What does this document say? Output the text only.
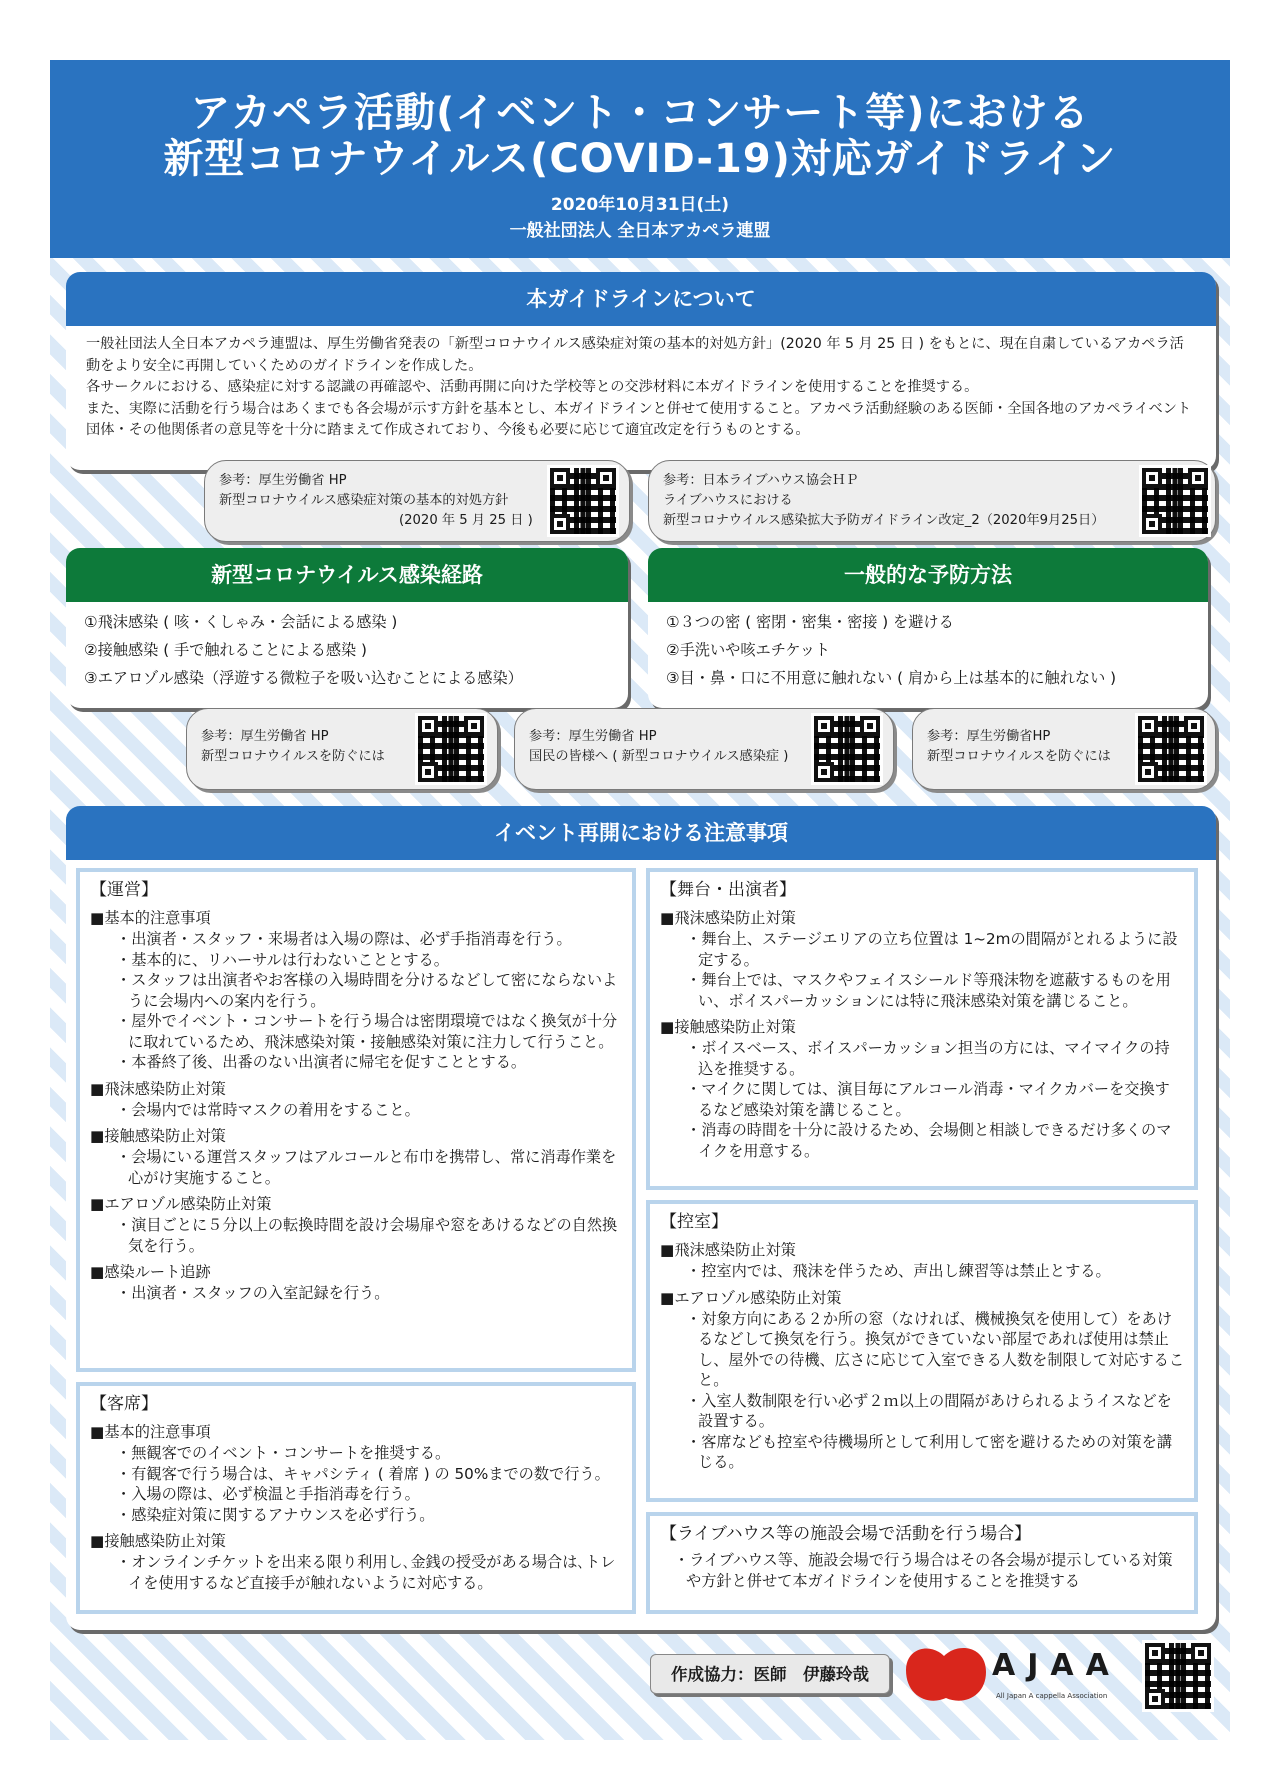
アカペラ活動(イベント・コンサート等)における
新型コロナウイルス(COVID-19)対応ガイドライン
2020年10月31日(土)
一般社団法人 全日本アカペラ連盟
本ガイドラインについて

一般社団法人全日本アカペラ連盟は、厚生労働省発表の「新型コロナウイルス感染症対策の基本的対処方針」(2020 年 5 月 25 日 ) をもとに、現在自粛しているアカペラ活動をより安全に再開していくためのガイドラインを作成した。

各サークルにおける、感染症に対する認識の再確認や、活動再開に向けた学校等との交渉材料に本ガイドラインを使用することを推奨する。

また、実際に活動を行う場合はあくまでも各会場が示す方針を基本とし、本ガイドラインと併せて使用すること。アカペラ活動経験のある医師・全国各地のアカペライベント団体・その他関係者の意見等を十分に踏まえて作成されており、今後も必要に応じて適宜改定を行うものとする。

参考：厚生労働省 HP
新型コロナウイルス感染症対策の基本的対処方針
(2020 年 5 月 25 日 )
参考：日本ライブハウス協会ＨＰ
ライブハウスにおける
新型コロナウイルス感染拡大予防ガイドライン改定_2（2020年9月25日）
新型コロナウイルス感染経路
①飛沫感染 ( 咳・くしゃみ・会話による感染 )
②接触感染 ( 手で触れることによる感染 )
③エアロゾル感染（浮遊する微粒子を吸い込むことによる感染）
一般的な予防方法
①３つの密 ( 密閉・密集・密接 ) を避ける
②手洗いや咳エチケット
③目・鼻・口に不用意に触れない ( 肩から上は基本的に触れない )
参考：厚生労働省 HP
新型コロナウイルスを防ぐには
参考：厚生労働省 HP
国民の皆様へ ( 新型コロナウイルス感染症 )
参考：厚生労働省HP
新型コロナウイルスを防ぐには
イベント再開における注意事項
【運営】
■基本的注意事項
・出演者・スタッフ・来場者は入場の際は、必ず手指消毒を行う。
・基本的に、リハーサルは行わないこととする。
・スタッフは出演者やお客様の入場時間を分けるなどして密にならないように会場内への案内を行う。
・屋外でイベント・コンサートを行う場合は密閉環境ではなく換気が十分に取れているため、飛沫感染対策・接触感染対策に注力して行うこと。
・本番終了後、出番のない出演者に帰宅を促すこととする。
■飛沫感染防止対策
・会場内では常時マスクの着用をすること。
■接触感染防止対策
・会場にいる運営スタッフはアルコールと布巾を携帯し、常に消毒作業を心がけ実施すること。
■エアロゾル感染防止対策
・演目ごとに５分以上の転換時間を設け会場扉や窓をあけるなどの自然換気を行う。
■感染ルート追跡
・出演者・スタッフの入室記録を行う。
【客席】
■基本的注意事項
・無観客でのイベント・コンサートを推奨する。
・有観客で行う場合は、キャパシティ ( 着席 ) の 50%までの数で行う。
・入場の際は、必ず検温と手指消毒を行う。
・感染症対策に関するアナウンスを必ず行う。
■接触感染防止対策
・オンラインチケットを出来る限り利用し､金銭の授受がある場合は､トレイを使用するなど直接手が触れないように対応する。
【舞台・出演者】
■飛沫感染防止対策
・舞台上、ステージエリアの立ち位置は 1~2mの間隔がとれるように設定する。
・舞台上では、マスクやフェイスシールド等飛沫物を遮蔽するものを用い、ボイスパーカッションには特に飛沫感染対策を講じること。
■接触感染防止対策
・ボイスベース、ボイスパーカッション担当の方には、マイマイクの持込を推奨する。
・マイクに関しては、演目毎にアルコール消毒・マイクカバーを交換するなど感染対策を講じること。
・消毒の時間を十分に設けるため、会場側と相談しできるだけ多くのマイクを用意する。
【控室】
■飛沫感染防止対策
・控室内では、飛沫を伴うため、声出し練習等は禁止とする。
■エアロゾル感染防止対策
・対象方向にある２か所の窓（なければ、機械換気を使用して）をあけるなどして換気を行う。換気ができていない部屋であれば使用は禁止し、屋外での待機、広さに応じて入室できる人数を制限して対応すること。
・入室人数制限を行い必ず２ｍ以上の間隔があけられるようイスなどを設置する。
・客席なども控室や待機場所として利用して密を避けるための対策を講じる。
【ライブハウス等の施設会場で活動を行う場合】
・ライブハウス等、施設会場で行う場合はその各会場が提示している対策や方針と併せて本ガイドラインを使用することを推奨する
作成協力：医師　伊藤玲哉	AJAA
All Japan A cappella Association
